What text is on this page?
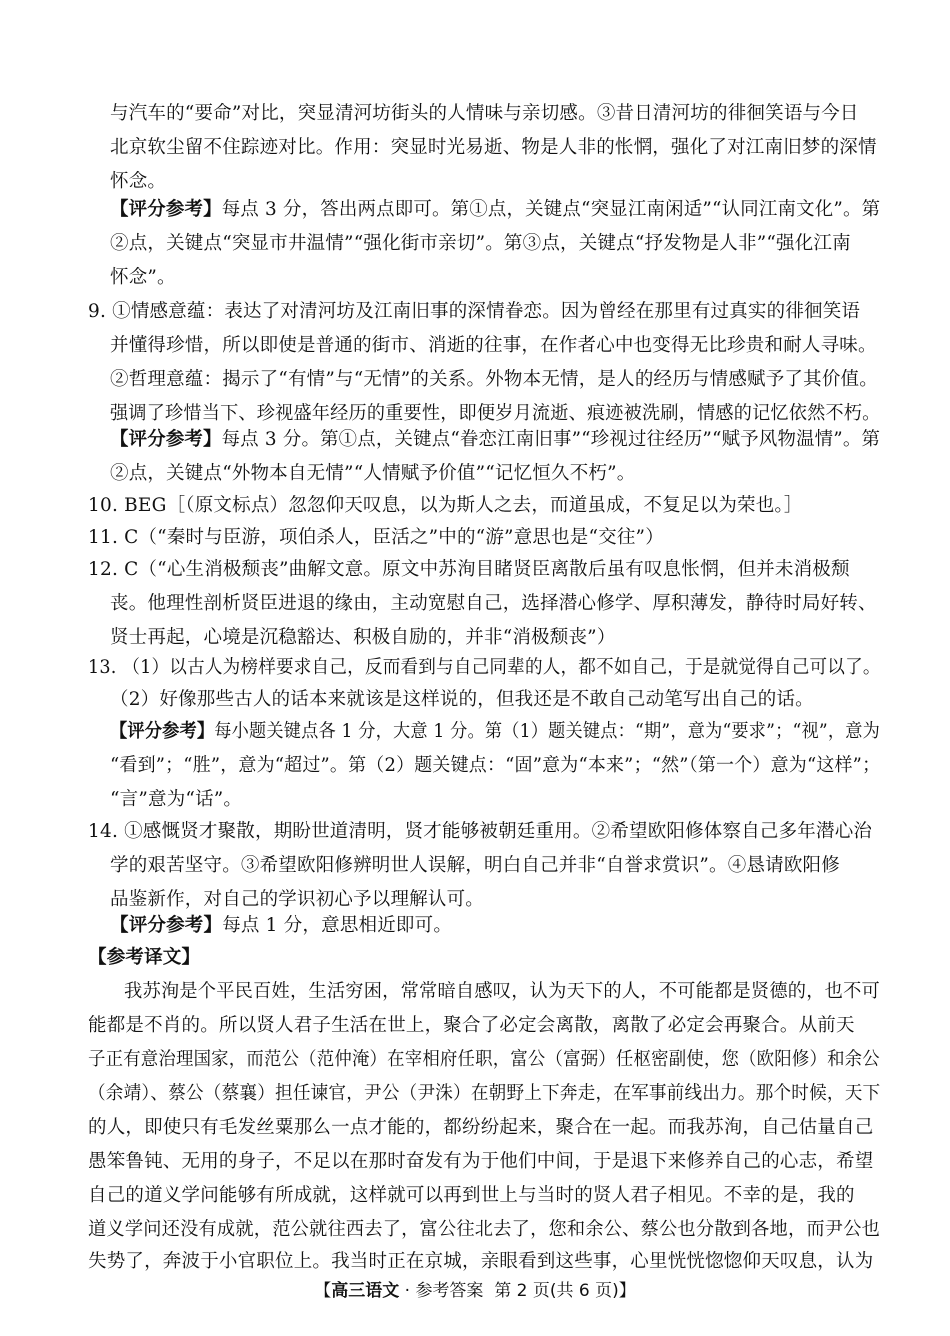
与汽车的“要命”对比，突显清河坊街头的人情味与亲切感。③昔日清河坊的徘徊笑语与今日
北京软尘留不住踪迹对比。作用：突显时光易逝、物是人非的怅惘，强化了对江南旧梦的深情
怀念。
【评分参考】每点 3 分，答出两点即可。第①点，关键点“突显江南闲适”“认同江南文化”。第
②点，关键点“突显市井温情”“强化街市亲切”。第③点，关键点“抒发物是人非”“强化江南
怀念”。
9. ①情感意蕴：表达了对清河坊及江南旧事的深情眷恋。因为曾经在那里有过真实的徘徊笑语
并懂得珍惜，所以即使是普通的街市、消逝的往事，在作者心中也变得无比珍贵和耐人寻味。
②哲理意蕴：揭示了“有情”与“无情”的关系。外物本无情，是人的经历与情感赋予了其价值。
强调了珍惜当下、珍视盛年经历的重要性，即便岁月流逝、痕迹被洗刷，情感的记忆依然不朽。
【评分参考】每点 3 分。第①点，关键点“眷恋江南旧事”“珍视过往经历”“赋予风物温情”。第
②点，关键点“外物本自无情”“人情赋予价值”“记忆恒久不朽”。
10. BEG［（原文标点）忽忽仰天叹息，以为斯人之去，而道虽成，不复足以为荣也。］
11. C（“秦时与臣游，项伯杀人，臣活之”中的“游”意思也是“交往”）
12. C（“心生消极颓丧”曲解文意。原文中苏洵目睹贤臣离散后虽有叹息怅惘，但并未消极颓
丧。他理性剖析贤臣进退的缘由，主动宽慰自己，选择潜心修学、厚积薄发，静待时局好转、
贤士再起，心境是沉稳豁达、积极自励的，并非“消极颓丧”）
13. （1）以古人为榜样要求自己，反而看到与自己同辈的人，都不如自己，于是就觉得自己可以了。
（2）好像那些古人的话本来就该是这样说的，但我还是不敢自己动笔写出自己的话。
【评分参考】每小题关键点各 1 分，大意 1 分。第（1）题关键点：“期”，意为“要求”；“视”，意为
“看到”；“胜”，意为“超过”。第（2）题关键点：“固”意为“本来”；“然”（第一个）意为“这样”；
“言”意为“话”。
14. ①感慨贤才聚散，期盼世道清明，贤才能够被朝廷重用。②希望欧阳修体察自己多年潜心治
学的艰苦坚守。③希望欧阳修辨明世人误解，明白自己并非“自誉求赏识”。④恳请欧阳修
品鉴新作，对自己的学识初心予以理解认可。
【评分参考】每点 1 分，意思相近即可。
【参考译文】
我苏洵是个平民百姓，生活穷困，常常暗自感叹，认为天下的人，不可能都是贤德的，也不可
能都是不肖的。所以贤人君子生活在世上，聚合了必定会离散，离散了必定会再聚合。从前天
子正有意治理国家，而范公（范仲淹）在宰相府任职，富公（富弼）任枢密副使，您（欧阳修）和余公
（余靖）、蔡公（蔡襄）担任谏官，尹公（尹洙）在朝野上下奔走，在军事前线出力。那个时候，天下
的人，即使只有毛发丝粟那么一点才能的，都纷纷起来，聚合在一起。而我苏洵，自己估量自己
愚笨鲁钝、无用的身子，不足以在那时奋发有为于他们中间，于是退下来修养自己的心志，希望
自己的道义学问能够有所成就，这样就可以再到世上与当时的贤人君子相见。不幸的是，我的
道义学问还没有成就，范公就往西去了，富公往北去了，您和余公、蔡公也分散到各地，而尹公也
失势了，奔波于小官职位上。我当时正在京城，亲眼看到这些事，心里恍恍惚惚仰天叹息，认为
【高三语文 · 参考答案 第 2 页(共 6 页)】
